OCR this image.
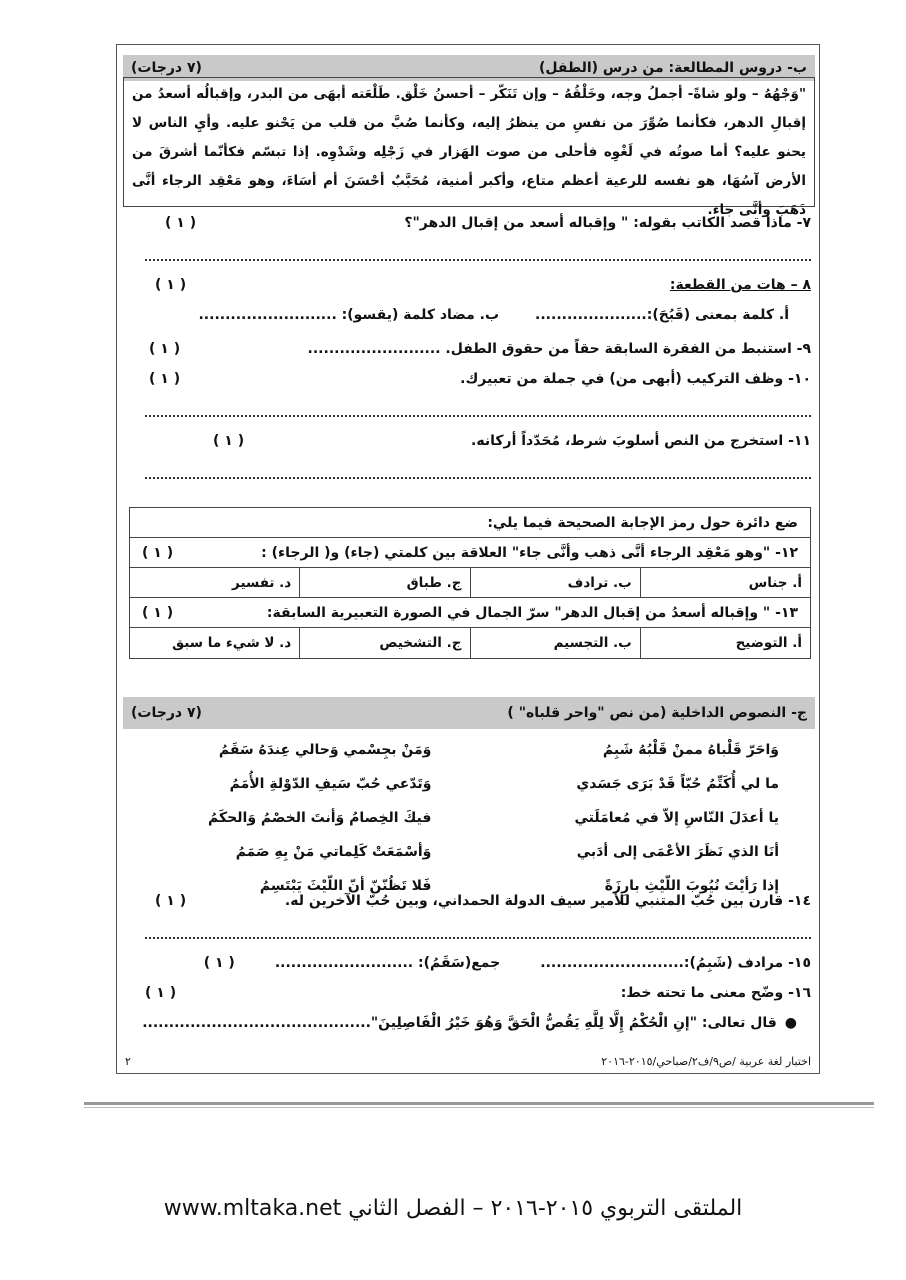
ب- دروس المطالعة: من درس (الطفل)
(٧ درجات)
"وَجْهُهُ – ولو شاةً- أجملُ وجه، وخَلْقُهُ – وإن تَنَكّر – أحسنُ خَلْق. طَلْعَته أبهَى من البدر، وإقبالُه أسعدُ من إقبالِ الدهر، فكأنما صُوِّرَ من نفسِ من ينظرُ إليه، وكأنما صُبَّ من قلب من يَحْنو عليه. وأيِ الناس لا يحنو عليه؟ أما صوتُه في لَغْوِه فأحلى من صوت الهَزار في زَجْلِه وشَدْوِه. إذا تبسّم فكأنّما أشرقَ من الأرض آسُهَا، هو نفسه للرعية أعظم متاع، وأكبر أمنية، مُحَبَّبٌ أحْسَنَ أم أسَاءَ، وهو مَعْقِد الرجاء أنَّى ذَهَبَ وأنَّى جاء.
٧- ماذا قصد الكاتب بقوله: " وإقباله أسعد من إقبال الدهر"؟
( ١ )
٨ – هات من القطعة:
( ١ )
أ. كلمة بمعنى (قَبُحَ):.....................
ب. مضاد كلمة (يقسو): ..........................
٩- استنبط من الفقرة السابقة حقاً من حقوق الطفل. .........................
( ١ )
١٠- وظف التركيب (أبهى من) في جملة من تعبيرك.
( ١ )
١١- استخرج من النص أسلوبَ شرط، مُحَدّداً أركانه.
( ١ )
ضع دائرة حول رمز الإجابة الصحيحة فيما يلي:
١٢- "وهو مَعْقِد الرجاء أنَّى ذهب وأنَّى جاء" العلاقة بين كلمتي (جاء) و( الرجاء) :
( ١ )
أ. جناس
ب. ترادف
ج. طباق
د. تفسير
١٣- " وإقباله أسعدُ من إقبال الدهر" سرّ الجمال في الصورة التعبيرية السابقة:
( ١ )
أ. التوضيح
ب. التجسيم
ج. التشخيص
د. لا شيء ما سبق
ج- النصوص الداخلية (من نص "واحر قلباه" )
(٧ درجات)
وَاحَرّ قَلْباهُ ممنْ قَلْبُهُ شَبِمُ
وَمَنْ بجِسْمي وَحالي عِندَهُ سَقَمُ
ما لي أُكَتِّمُ حُبّاً قَدْ بَرَى جَسَدي
وَتَدّعي حُبّ سَيفِ الدّوْلةِ الأُمَمُ
يا أعدَلَ النّاسِ إلاّ في مُعامَلَتي
فيكَ الخِصامُ وَأنتَ الخصْمُ وَالحكَمُ
أنَا الذي نَظَرَ الأعْمَى إلى أدَبي
وَأسْمَعَتْ كَلِماتي مَنْ بِهِ صَمَمُ
إذا رَأيْتَ نُيُوبَ اللّيْثِ بارِزَةً
فَلا تَظُنّنّ أنّ اللّيْثَ يَبْتَسِمُ
١٤- قارن بين حُبّ المتنبي للأمير سيف الدولة الحمداني، وبين حُبّ الآخرين له.
( ١ )
١٥- مرادف (شَبِمُ):...........................
جمع(سَقَمُ): ..........................
( ١ )
١٦- وضّح معنى ما تحته خط:
( ١ )
●
قال تعالى: "إنِ الْحُكْمُ إِلَّا لِلَّهِ يَقُصُّ الْحَقَّ وَهُوَ خَيْرُ الْفَاصِلِينَ"...........................................
اختبار لغة عربية /ص٩/ف٢/صباحي/٢٠١٥-٢٠١٦
٢
الملتقى التربوي ٢٠١٥-٢٠١٦ – الفصل الثاني www.mltaka.net
